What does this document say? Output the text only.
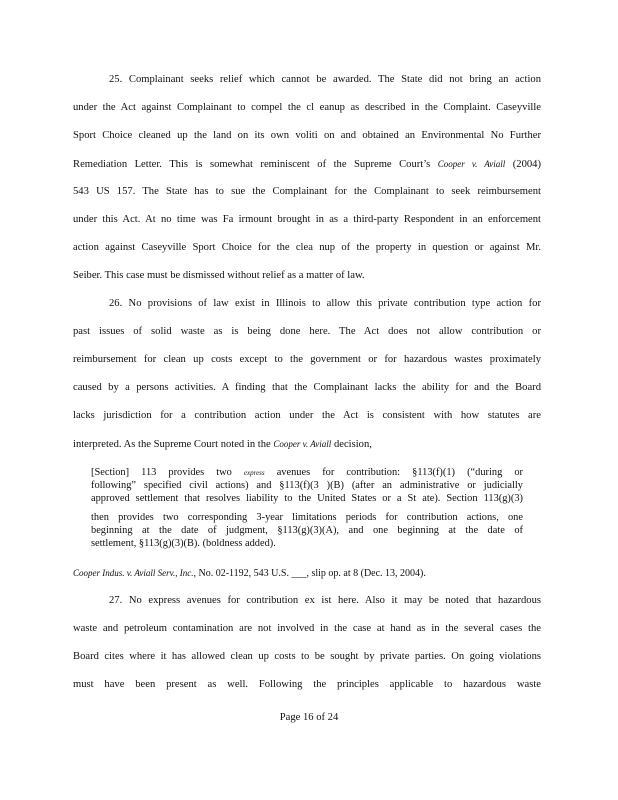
25. Complainant seeks relief which cannot be awarded. The State did not bring an action
under the Act against Complainant to compel the cl eanup as described in the Complaint. Caseyville
Sport Choice cleaned up the land on its own voliti on and obtained an Environmental No Further
Remediation Letter. This is somewhat reminiscent of the Supreme Court’s Cooper v. Aviall (2004)
543 US 157. The State has to sue the Complainant for the Complainant to seek reimbursement
under this Act. At no time was Fa irmount brought in as a third-party Respondent in an enforcement
action against Caseyville Sport Choice for the clea nup of the property in question or against Mr.
Seiber. This case must be dismissed without relief as a matter of law.
26. No provisions of law exist in Illinois to allow this private contribution type action for
past issues of solid waste as is being done here. The Act does not allow contribution or
reimbursement for clean up costs except to the government or for hazardous wastes proximately
caused by a persons activities. A finding that the Complainant lacks the ability for and the Board
lacks jurisdiction for a contribution action under the Act is consistent with how statutes are
interpreted. As the Supreme Court noted in the Cooper v. Aviall decision,
[Section] 113 provides two express avenues for contribution: §113(f)(1) (“during or
following” specified civil actions) and §113(f)(3 )(B) (after an administrative or judicially
approved settlement that resolves liability to the United States or a St ate). Section 113(g)(3)
then provides two corresponding 3-year limitations periods for contribution actions, one
beginning at the date of judgment, §113(g)(3)(A), and one beginning at the date of
settlement, §113(g)(3)(B). (boldness added).
Cooper Indus. v. Aviall Serv., Inc., No. 02-1192, 543 U.S. ___, slip op. at 8 (Dec. 13, 2004).
27. No express avenues for contribution ex ist here. Also it may be noted that hazardous
waste and petroleum contamination are not involved in the case at hand as in the several cases the
Board cites where it has allowed clean up costs to be sought by private parties. On going violations
must have been present as well. Following the principles applicable to hazardous waste
Page 16 of 24
